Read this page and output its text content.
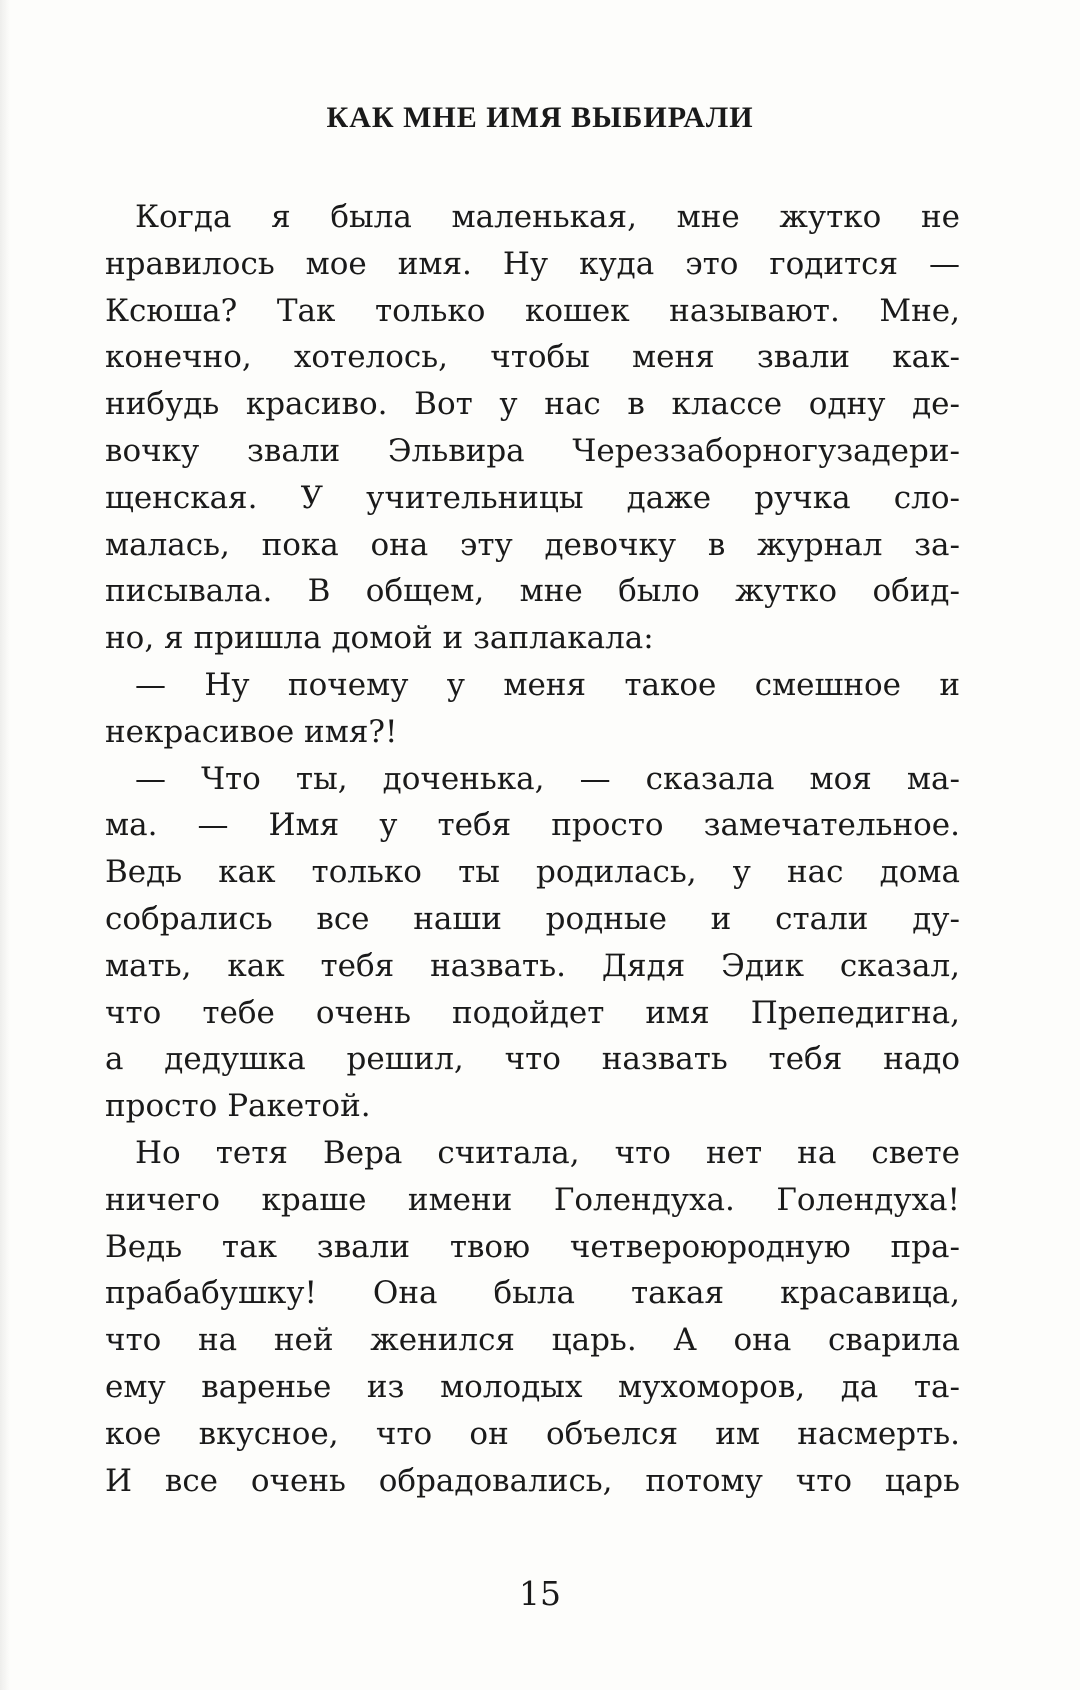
КАК МНЕ ИМЯ ВЫБИРАЛИ
Когда я была маленькая, мне жутко не
нравилось мое имя. Ну куда это годится —
Ксюша? Так только кошек называют. Мне,
конечно, хотелось, чтобы меня звали как-
нибудь красиво. Вот у нас в классе одну де-
вочку звали Эльвира Череззаборногузадери-
щенская. У учительницы даже ручка сло-
малась, пока она эту девочку в журнал за-
писывала. В общем, мне было жутко обид-
но, я пришла домой и заплакала:
— Ну почему у меня такое смешное и
некрасивое имя?!
— Что ты, доченька, — сказала моя ма-
ма. — Имя у тебя просто замечательное.
Ведь как только ты родилась, у нас дома
собрались все наши родные и стали ду-
мать, как тебя назвать. Дядя Эдик сказал,
что тебе очень подойдет имя Препедигна,
а дедушка решил, что назвать тебя надо
просто Ракетой.
Но тетя Вера считала, что нет на свете
ничего краше имени Голендуха. Голендуха!
Ведь так звали твою четвероюродную пра-
прабабушку! Она была такая красавица,
что на ней женился царь. А она сварила
ему варенье из молодых мухоморов, да та-
кое вкусное, что он объелся им насмерть.
И все очень обрадовались, потому что царь
15
